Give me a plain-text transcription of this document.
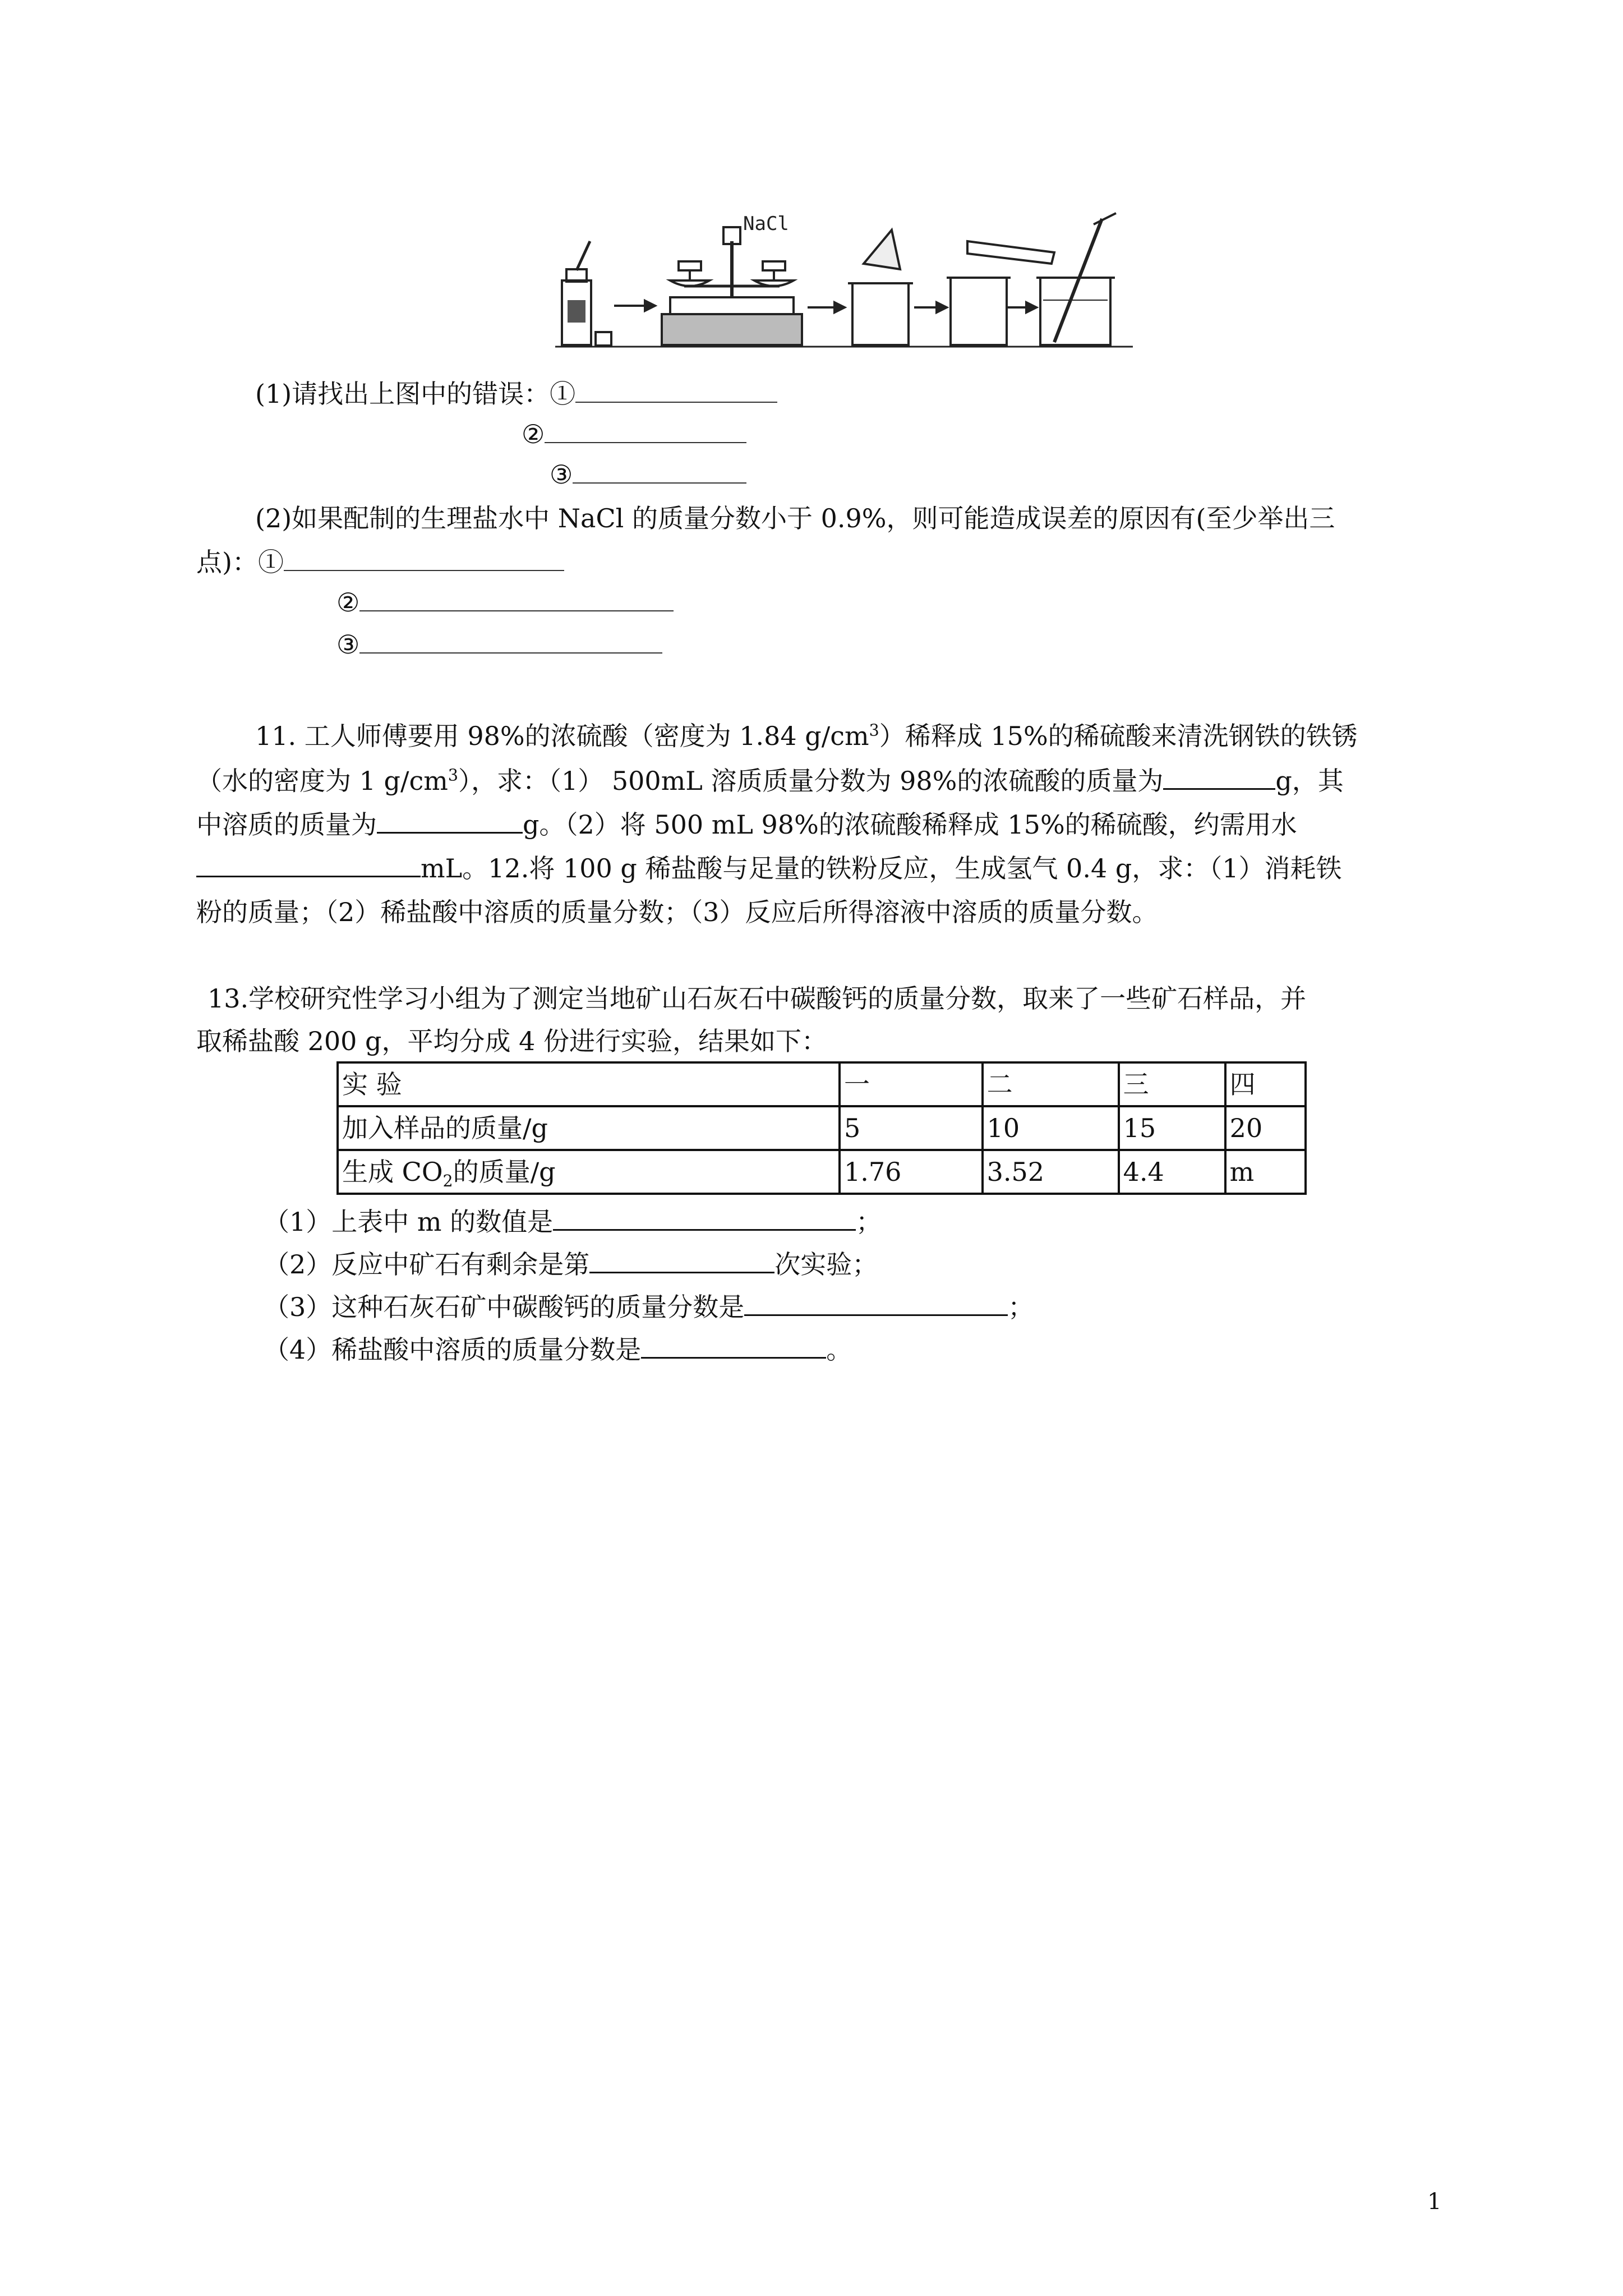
NaCl
(1)请找出上图中的错误：①
②
③
(2)如果配制的生理盐水中 NaCl 的质量分数小于 0.9%，则可能造成误差的原因有(至少举出三
点)：①
②
③
11. 工人师傅要用 98%的浓硫酸（密度为 1.84 $g/cm^3$）稀释成 15%的稀硫酸来清洗钢铁的铁锈
（水的密度为 1 $g/cm^3$），求：（1） 500mL 溶质质量分数为 98%的浓硫酸的质量为	g，其
中溶质的质量为	g。（2）将 500 mL 98%的浓硫酸稀释成 15%的稀硫酸，约需用水
mL。12.将 100 g 稀盐酸与足量的铁粉反应，生成氢气 0.4 g，求：（1）消耗铁
粉的质量；（2）稀盐酸中溶质的质量分数；（3）反应后所得溶液中溶质的质量分数。
13.学校研究性学习小组为了测定当地矿山石灰石中碳酸钙的质量分数，取来了一些矿石样品，并
取稀盐酸 200 g，平均分成 4 份进行实验，结果如下：
实 验	一	二	三	四
加入样品的质量/g	5	10	15	20
生成 $CO_2$的质量/g	1.76	3.52	4.4	m
（1）上表中 m 的数值是	；
（2）反应中矿石有剩余是第	次实验；
（3）这种石灰石矿中碳酸钙的质量分数是	；
（4）稀盐酸中溶质的质量分数是	。
1
